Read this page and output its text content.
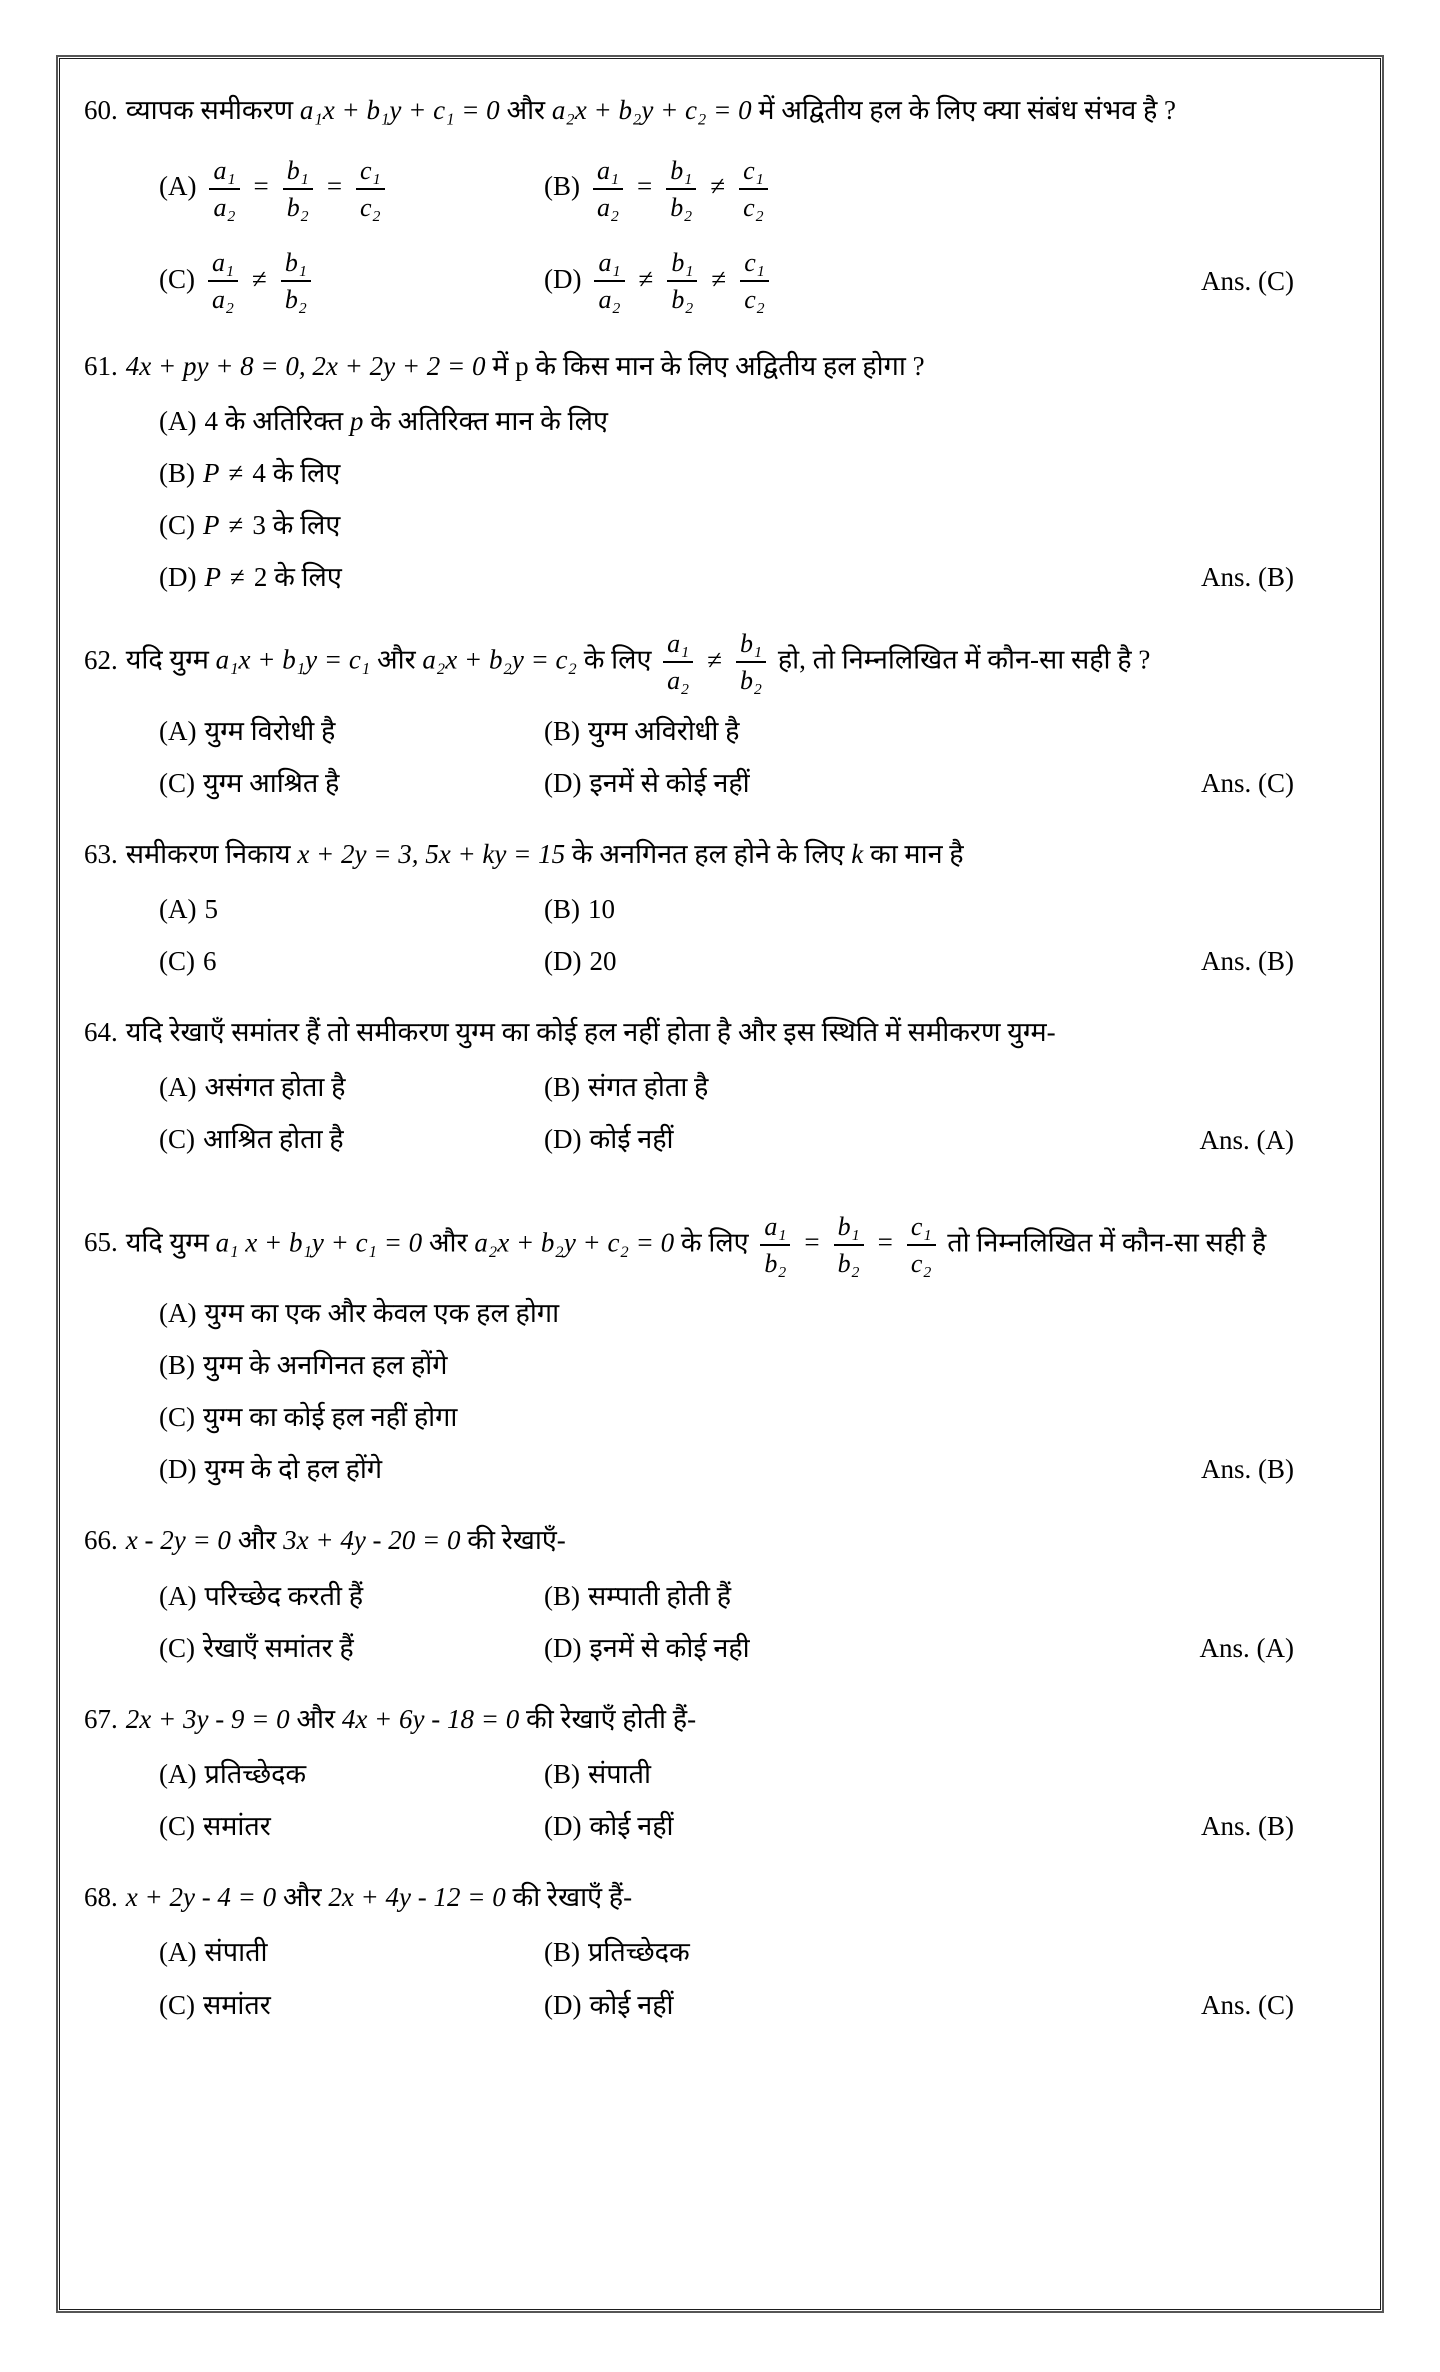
60. व्यापक समीकरण a₁x + b₁y + c₁ = 0 और a₂x + b₂y + c₂ = 0 में अद्वितीय हल के लिए क्या संबंध संभव है ?
$(A) \frac{\text{a₁}}{\text{a₂}} = \frac{\text{b₁}}{\text{b₂}} = \frac{\text{c₁}}{\text{c₂}}$	$(B) \frac{\text{a₁}}{\text{a₂}} = \frac{\text{b₁}}{\text{b₂}} \ne \frac{\text{c₁}}{\text{c₂}}$
$(C) \frac{\text{a₁}}{\text{a₂}} \ne \frac{\text{b₁}}{\text{b₂}}$	$(D) \frac{\text{a₁}}{\text{a₂}} \ne \frac{\text{b₁}}{\text{b₂}} \ne \frac{\text{c₁}}{\text{c₂}}$	Ans. (C)
61. 4x + py + 8 = 0, 2x + 2y + 2 = 0 में p के किस मान के लिए अद्वितीय हल होगा ?
(A) 4 के अतिरिक्त p के अतिरिक्त मान के लिए
(B) P ≠ 4 के लिए
(C) P ≠ 3 के लिए
(D) P ≠ 2 के लिए	Ans. (B)
62. यदि युग्म a₁x + b₁y = c₁ और a₂x + b₂y = c₂ के लिए $\frac{\text{a₁}}{\text{a₂}} \ne \frac{\text{b₁}}{\text{b₂}}$ हो, तो निम्नलिखित में कौन-सा सही है ?
(A) युग्म विरोधी है	(B) युग्म अविरोधी है
(C) युग्म आश्रित है	(D) इनमें से कोई नहीं	Ans. (C)
63. समीकरण निकाय x + 2y = 3, 5x + ky = 15 के अनगिनत हल होने के लिए k का मान है
(A) 5	(B) 10
(C) 6	(D) 20	Ans. (B)
64. यदि रेखाएँ समांतर हैं तो समीकरण युग्म का कोई हल नहीं होता है और इस स्थिति में समीकरण युग्म-
(A) असंगत होता है	(B) संगत होता है
(C) आश्रित होता है	(D) कोई नहीं	Ans. (A)
65. यदि युग्म a₁ x + b₁y + c₁ = 0 और a₂x + b₂y + c₂ = 0 के लिए $\frac{\text{a₁}}{\text{b₂}} = \frac{\text{b₁}}{\text{b₂}} = \frac{\text{c₁}}{\text{c₂}}$ तो निम्नलिखित में कौन-सा सही है
(A) युग्म का एक और केवल एक हल होगा
(B) युग्म के अनगिनत हल होंगे
(C) युग्म का कोई हल नहीं होगा
(D) युग्म के दो हल होंगे	Ans. (B)
66. x - 2y = 0 और 3x + 4y - 20 = 0 की रेखाएँ-
(A) परिच्छेद करती हैं	(B) सम्पाती होती हैं
(C) रेखाएँ समांतर हैं	(D) इनमें से कोई नही	Ans. (A)
67. 2x + 3y - 9 = 0 और 4x + 6y - 18 = 0 की रेखाएँ होती हैं-
(A) प्रतिच्छेदक	(B) संपाती
(C) समांतर	(D) कोई नहीं	Ans. (B)
68. x + 2y - 4 = 0 और 2x + 4y - 12 = 0 की रेखाएँ हैं-
(A) संपाती	(B) प्रतिच्छेदक
(C) समांतर	(D) कोई नहीं	Ans. (C)
